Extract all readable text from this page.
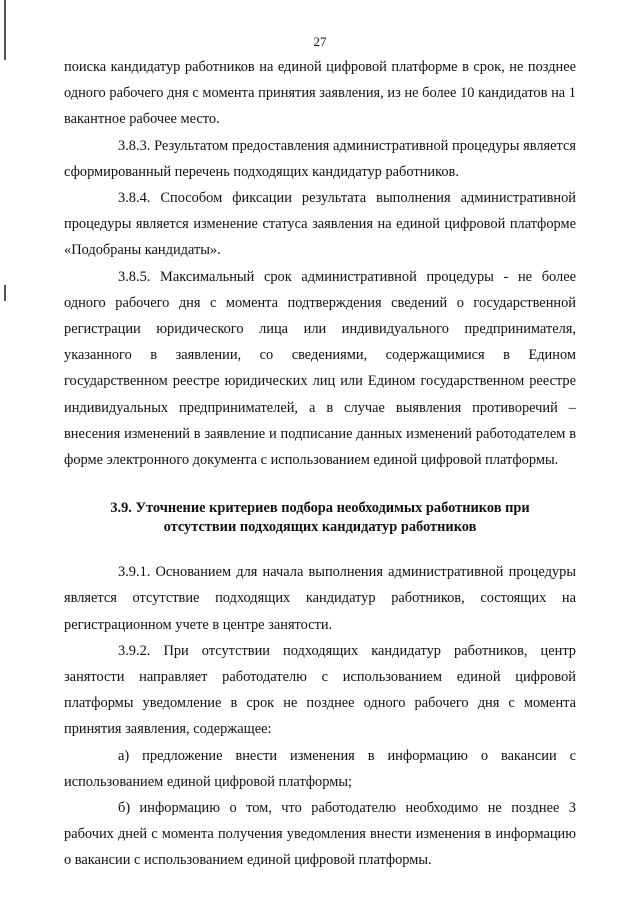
27

поиска кандидатур работников на единой цифровой платформе в срок, не позднее одного рабочего дня с момента принятия заявления, из не более 10 кандидатов на 1 вакантное рабочее место.

3.8.3. Результатом предоставления административной процедуры является сформированный перечень подходящих кандидатур работников.

3.8.4. Способом фиксации результата выполнения административной процедуры является изменение статуса заявления на единой цифровой платформе «Подобраны кандидаты».

3.8.5. Максимальный срок административной процедуры - не более одного рабочего дня с момента подтверждения сведений о государственной регистрации юридического лица или индивидуального предпринимателя, указанного в заявлении, со сведениями, содержащимися в Едином государственном реестре юридических лиц или Едином государственном реестре индивидуальных предпринимателей, а в случае выявления противоречий – внесения изменений в заявление и подписание данных изменений работодателем в форме электронного документа с использованием единой цифровой платформы.

3.9. Уточнение критериев подбора необходимых работников при
отсутствии подходящих кандидатур работников

3.9.1. Основанием для начала выполнения административной процедуры является отсутствие подходящих кандидатур работников, состоящих на регистрационном учете в центре занятости.

3.9.2. При отсутствии подходящих кандидатур работников, центр занятости направляет работодателю с использованием единой цифровой платформы уведомление в срок не позднее одного рабочего дня с момента принятия заявления, содержащее:

а) предложение внести изменения в информацию о вакансии с использованием единой цифровой платформы;

б) информацию о том, что работодателю необходимо не позднее 3 рабочих дней с момента получения уведомления внести изменения в информацию о вакансии с использованием единой цифровой платформы.
